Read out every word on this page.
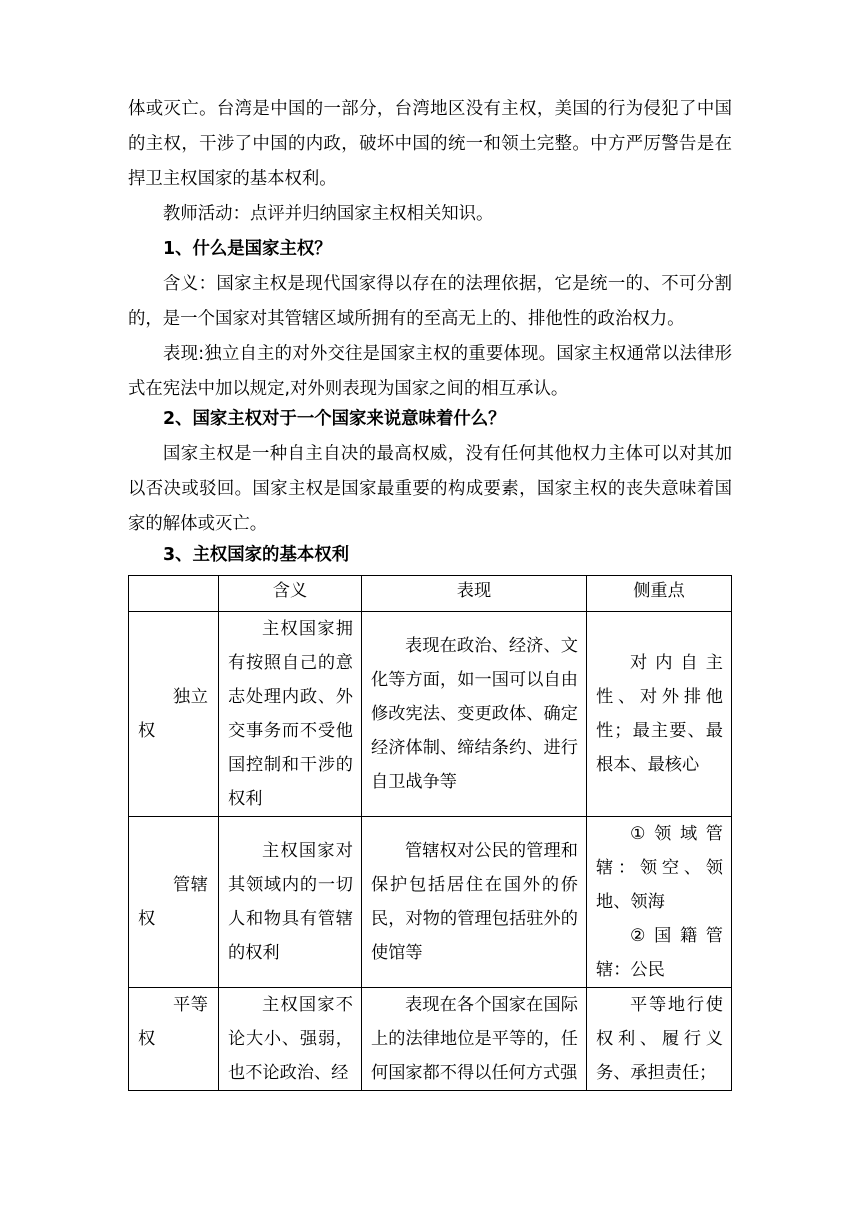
体或灭亡。台湾是中国的一部分，台湾地区没有主权，美国的行为侵犯了中国的主权，干涉了中国的内政，破坏中国的统一和领土完整。中方严厉警告是在捍卫主权国家的基本权利。

教师活动：点评并归纳国家主权相关知识。

1、什么是国家主权？

含义：国家主权是现代国家得以存在的法理依据，它是统一的、不可分割的，是一个国家对其管辖区域所拥有的至高无上的、排他性的政治权力。

表现:独立自主的对外交往是国家主权的重要体现。国家主权通常以法律形式在宪法中加以规定,对外则表现为国家之间的相互承认。

2、国家主权对于一个国家来说意味着什么？

国家主权是一种自主自决的最高权威，没有任何其他权力主体可以对其加以否决或驳回。国家主权是国家最重要的构成要素，国家主权的丧失意味着国家的解体或灭亡。

3、主权国家的基本权利

	含义	表现	侧重点

独立权	主权国家拥有按照自己的意志处理内政、外交事务而不受他国控制和干涉的权利	表现在政治、经济、文化等方面，如一国可以自由修改宪法、变更政体、确定经济体制、缔结条约、进行自卫战争等	对内自主性、对外排他性；最主要、最根本、最核心

管辖权	主权国家对其领域内的一切人和物具有管辖的权利	管辖权对公民的管理和保护包括居住在国外的侨民，对物的管理包括驻外的使馆等	①领域管辖：领空、领地、领海
②国籍管辖：公民

平等权	主权国家不论大小、强弱，也不论政治、经	表现在各个国家在国际上的法律地位是平等的，任何国家都不得以任何方式强	平等地行使权利、履行义务、承担责任；
